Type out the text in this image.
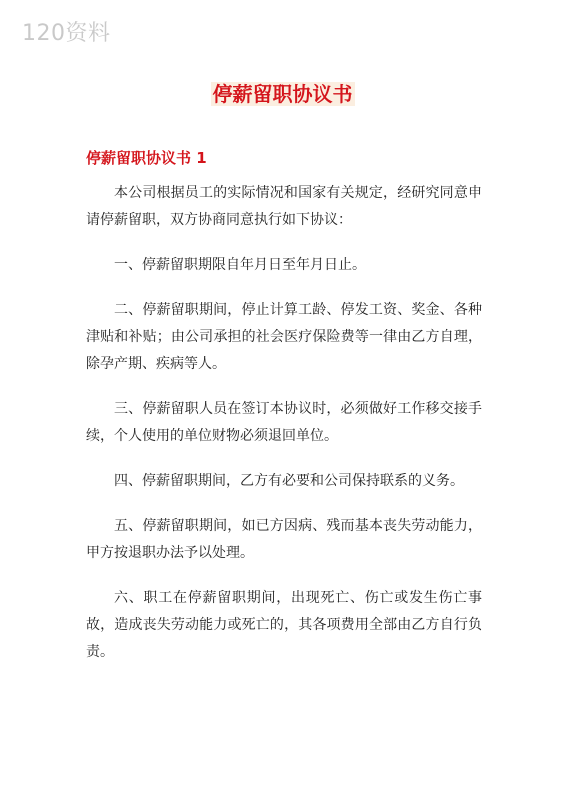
120资料
停薪留职协议书
停薪留职协议书 1

本公司根据员工的实际情况和国家有关规定，经研究同意申请停薪留职，双方协商同意执行如下协议：

一、停薪留职期限自年月日至年月日止。

二、停薪留职期间，停止计算工龄、停发工资、奖金、各种津贴和补贴；由公司承担的社会医疗保险费等一律由乙方自理，除孕产期、疾病等人。

三、停薪留职人员在签订本协议时，必须做好工作移交接手续，个人使用的单位财物必须退回单位。

四、停薪留职期间，乙方有必要和公司保持联系的义务。

五、停薪留职期间，如已方因病、残而基本丧失劳动能力，甲方按退职办法予以处理。

六、职工在停薪留职期间，出现死亡、伤亡或发生伤亡事故，造成丧失劳动能力或死亡的，其各项费用全部由乙方自行负责。
